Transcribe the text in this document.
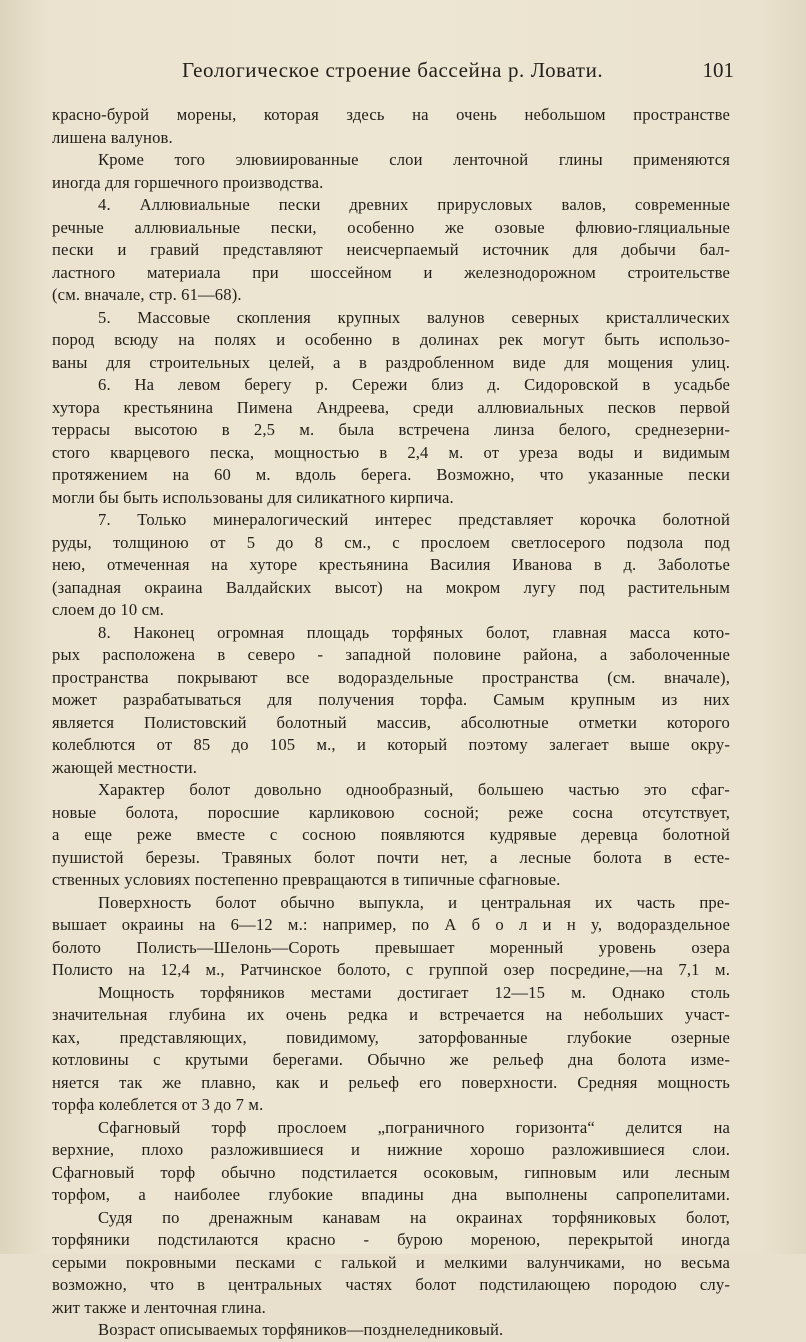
Геологическое строение бассейна р. Ловати.	101
красно-бурой морены, которая здесь на очень небольшом пространстве
лишена валунов.
Кроме того элювиированные слои ленточной глины применяются
иногда для горшечного производства.
4. Аллювиальные пески древних прирусловых валов, современные
речные аллювиальные пески, особенно же озовые флювио-гляциальные
пески и гравий представляют неисчерпаемый источник для добычи бал-
ластного материала при шоссейном и железнодорожном строительстве
(см. вначале, стр. 61—68).
5. Массовые скопления крупных валунов северных кристаллических
пород всюду на полях и особенно в долинах рек могут быть использо-
ваны для строительных целей, а в раздробленном виде для мощения улиц.
6. На левом берегу р. Сережи близ д. Сидоровской в усадьбе
хутора крестьянина Пимена Андреева, среди аллювиальных песков первой
террасы высотою в 2,5 м. была встречена линза белого, среднезерни-
стого кварцевого песка, мощностью в 2,4 м. от уреза воды и видимым
протяжением на 60 м. вдоль берега. Возможно, что указанные пески
могли бы быть использованы для силикатного кирпича.
7. Только минералогический интерес представляет корочка болотной
руды, толщиною от 5 до 8 см., с прослоем светлосерого подзола под
нею, отмеченная на хуторе крестьянина Василия Иванова в д. Заболотье
(западная окраина Валдайских высот) на мокром лугу под растительным
слоем до 10 см.
8. Наконец огромная площадь торфяных болот, главная масса кото-
рых расположена в северо - западной половине района, а заболоченные
пространства покрывают все водораздельные пространства (см. вначале),
может разрабатываться для получения торфа. Самым крупным из них
является Полистовский болотный массив, абсолютные отметки которого
колеблются от 85 до 105 м., и который поэтому залегает выше окру-
жающей местности.
Характер болот довольно однообразный, большею частью это сфаг-
новые болота, поросшие карликовою сосной; реже сосна отсутствует,
а еще реже вместе с сосною появляются кудрявые деревца болотной
пушистой березы. Травяных болот почти нет, а лесные болота в есте-
ственных условиях постепенно превращаются в типичные сфагновые.
Поверхность болот обычно выпукла, и центральная их часть пре-
вышает окраины на 6—12 м.: например, по А б о л и н у, водораздельное
болото Полисть—Шелонь—Сороть превышает моренный уровень озера
Полисто на 12,4 м., Ратчинское болото, с группой озер посредине,—на 7,1 м.
Мощность торфяников местами достигает 12—15 м. Однако столь
значительная глубина их очень редка и встречается на небольших участ-
ках, представляющих, повидимому, заторфованные глубокие озерные
котловины с крутыми берегами. Обычно же рельеф дна болота изме-
няется так же плавно, как и рельеф его поверхности. Средняя мощность
торфа колеблется от 3 до 7 м.
Сфагновый торф прослоем „пограничного горизонта“ делится на
верхние, плохо разложившиеся и нижние хорошо разложившиеся слои.
Сфагновый торф обычно подстилается осоковым, гипновым или лесным
торфом, а наиболее глубокие впадины дна выполнены сапропелитами.
Судя по дренажным канавам на окраинах торфяниковых болот,
торфяники подстилаются красно - бурою мореною, перекрытой иногда
серыми покровными песками с галькой и мелкими валунчиками, но весьма
возможно, что в центральных частях болот подстилающею породою слу-
жит также и ленточная глина.
Возраст описываемых торфяников—позднеледниковый.
